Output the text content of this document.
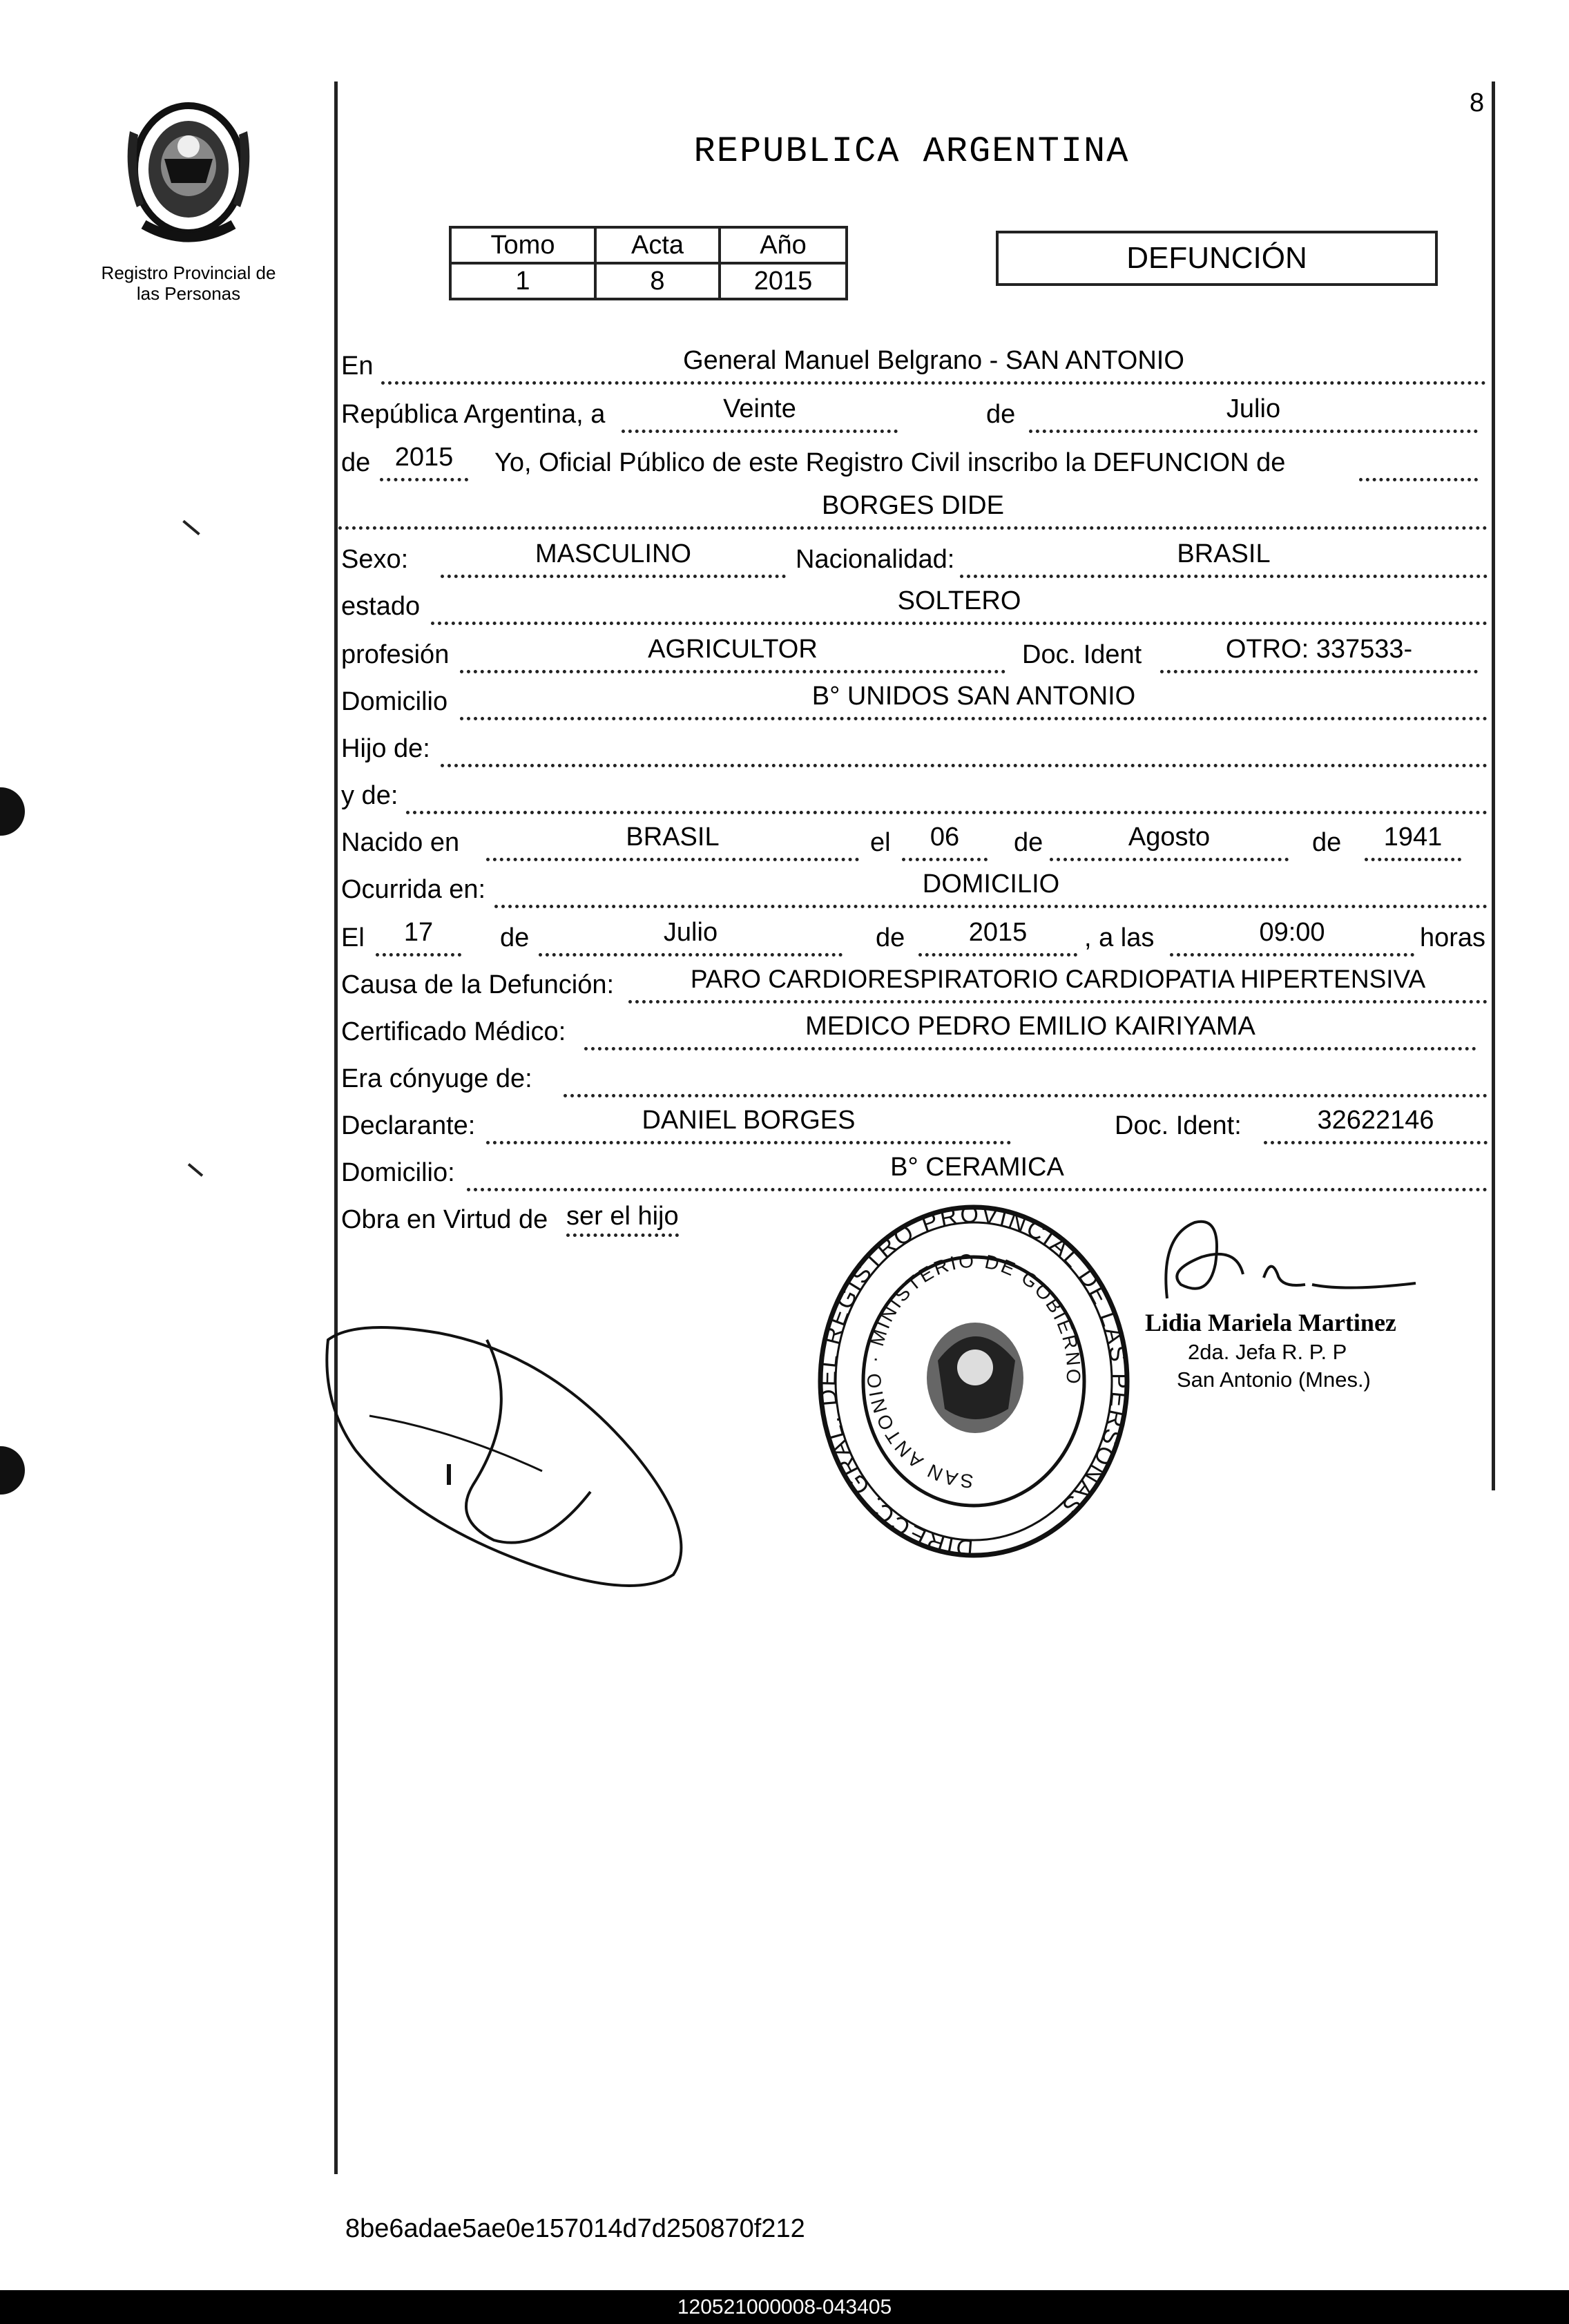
8
Registro Provincial de
las Personas
REPUBLICA ARGENTINA
Tomo	Acta	Año
1	8	2015
DEFUNCIÓN
En	General Manuel Belgrano - SAN ANTONIO
República Argentina, a	Veinte	de	Julio
de 2015	Yo, Oficial Público de este Registro Civil inscribo la DEFUNCION de
BORGES DIDE
Sexo:	MASCULINO	Nacionalidad:	BRASIL
estado	SOLTERO
profesión	AGRICULTOR	Doc. Ident	OTRO: 337533-
Domicilio	B° UNIDOS SAN ANTONIO
Hijo de:
y de:
Nacido en	BRASIL	el	06	de	Agosto	de	1941
Ocurrida en:	DOMICILIO
El	17	de	Julio	de	2015	, a las	09:00	horas
Causa de la Defunción:	PARO CARDIORESPIRATORIO CARDIOPATIA HIPERTENSIVA
Certificado Médico:	MEDICO PEDRO EMILIO KAIRIYAMA
Era cónyuge de:
Declarante:	DANIEL BORGES	Doc. Ident:	32622146
Domicilio:	B° CERAMICA
Obra en Virtud de ser el hijo
DIRECC. GRAL. DEL REGISTRO PROVINCIAL DE LAS PERSONAS
SAN ANTONIO · MINISTERIO DE GOBIERNO
Lidia Mariela Martinez
2da. Jefa R. P. P
San Antonio (Mnes.)
8be6adae5ae0e157014d7d250870f212
120521000008-043405
